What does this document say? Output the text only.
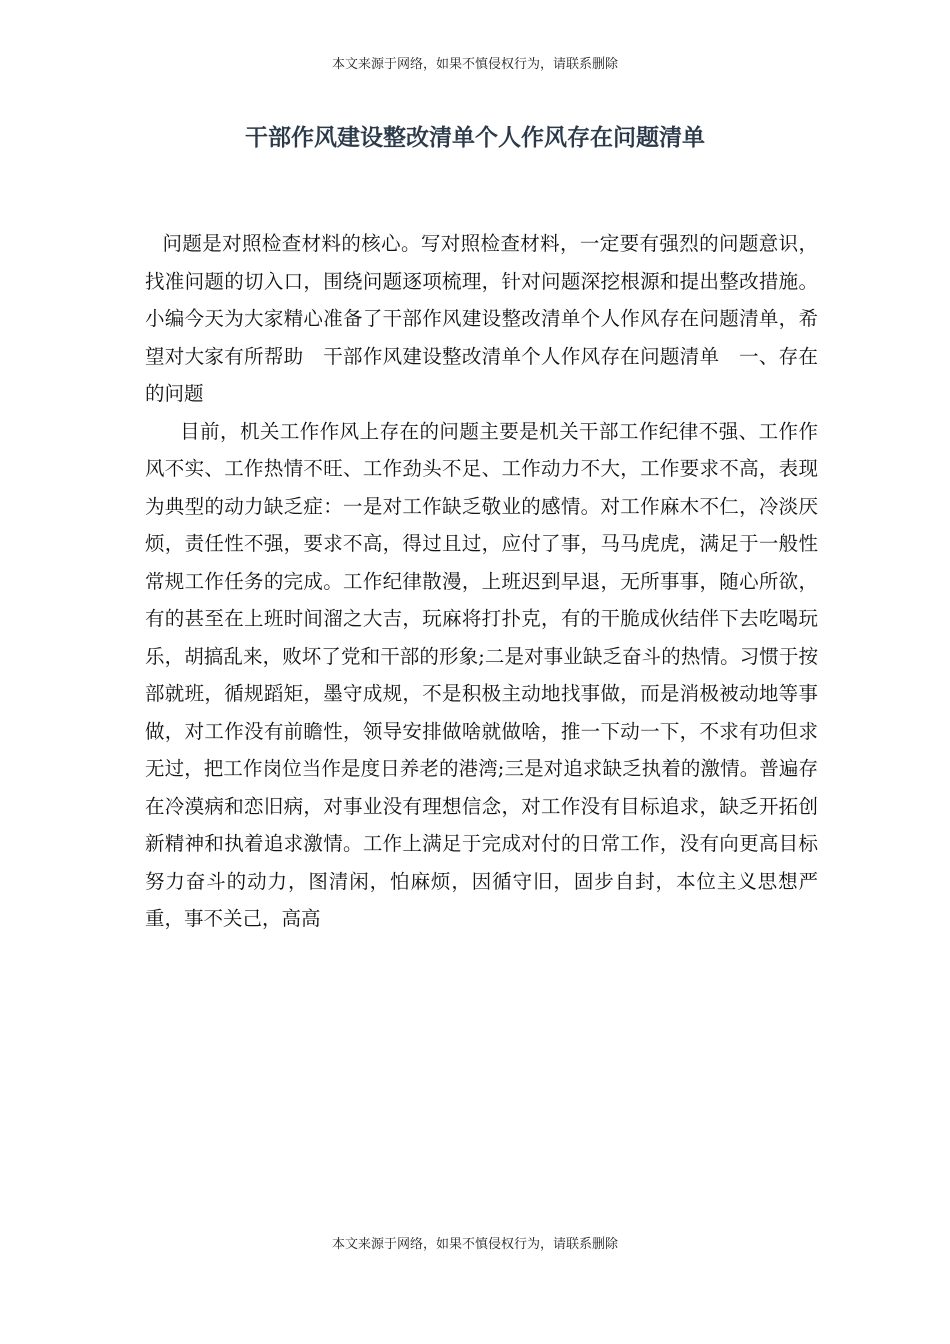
本文来源于网络，如果不慎侵权行为，请联系删除
干部作风建设整改清单个人作风存在问题清单

问题是对照检查材料的核心。写对照检查材料，一定要有强烈的问题意识，找准问题的切入口，围绕问题逐项梳理，针对问题深挖根源和提出整改措施。小编今天为大家精心准备了干部作风建设整改清单个人作风存在问题清单，希望对大家有所帮助　干部作风建设整改清单个人作风存在问题清单　一、存在的问题

目前，机关工作作风上存在的问题主要是机关干部工作纪律不强、工作作风不实、工作热情不旺、工作劲头不足、工作动力不大，工作要求不高，表现为典型的动力缺乏症：一是对工作缺乏敬业的感情。对工作麻木不仁，冷淡厌烦，责任性不强，要求不高，得过且过，应付了事，马马虎虎，满足于一般性常规工作任务的完成。工作纪律散漫，上班迟到早退，无所事事，随心所欲，有的甚至在上班时间溜之大吉，玩麻将打扑克，有的干脆成伙结伴下去吃喝玩乐，胡搞乱来，败坏了党和干部的形象;二是对事业缺乏奋斗的热情。习惯于按部就班，循规蹈矩，墨守成规，不是积极主动地找事做，而是消极被动地等事做，对工作没有前瞻性，领导安排做啥就做啥，推一下动一下，不求有功但求无过，把工作岗位当作是度日养老的港湾;三是对追求缺乏执着的激情。普遍存在冷漠病和恋旧病，对事业没有理想信念，对工作没有目标追求，缺乏开拓创新精神和执着追求激情。工作上满足于完成对付的日常工作，没有向更高目标努力奋斗的动力，图清闲，怕麻烦，因循守旧，固步自封，本位主义思想严重，事不关己，高高

本文来源于网络，如果不慎侵权行为，请联系删除
